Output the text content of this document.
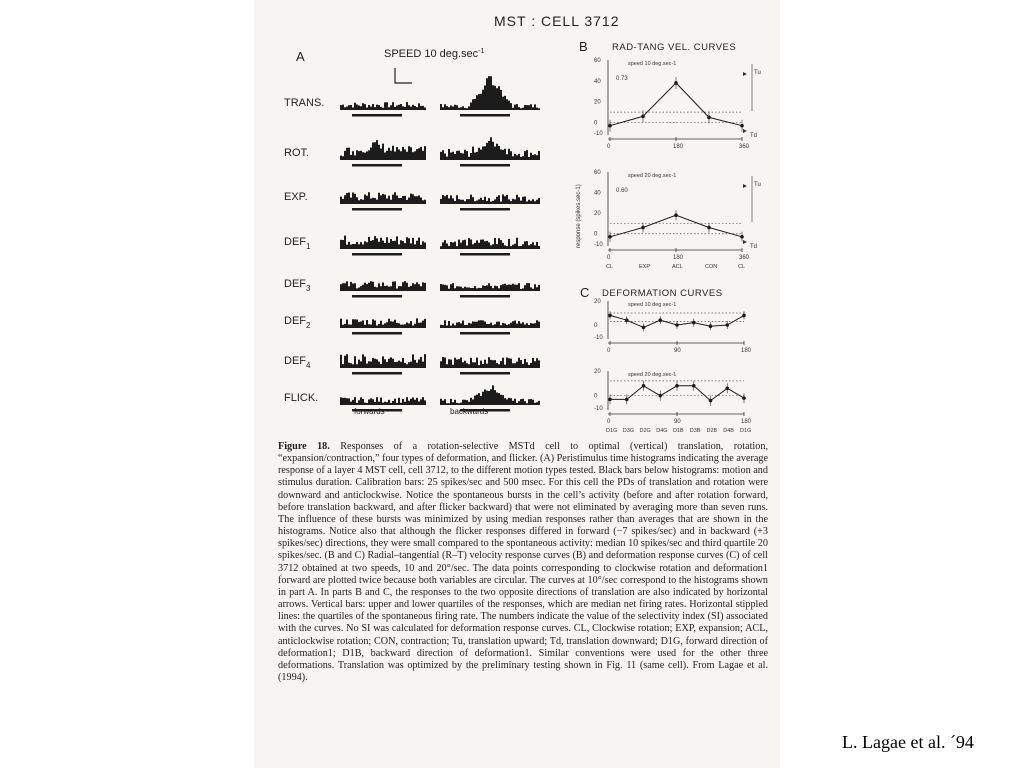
MST : CELL 3712
A	SPEED 10 $deg.\sec^{-1}$
TRANS.
ROT.
EXP.
$DEF_1$
$DEF_3$
$DEF_2$
$DEF_4$
FLICK.
forwards	backwards
B	RAD-TANG VEL. CURVES
response (spikes.sec-1)
60
40
20
0
-10
0	180	360
speed 10 deg.sec-1
0.73
Tu
Td
60
40
20
0
-10
0	180	360
speed 20 deg.sec-1
0.60
Tu
Td
CL	EXP	ACL	CON	CL
C DEFORMATION CURVES
20
0
-10
0	90	180
speed 10 deg.sec-1
20
0
-10
0	90	180
speed 20 deg.sec-1
D1G D3G D2G D4G D1B D3B D2B D4B D1G
Figure 18. Responses of a rotation-selective MSTd cell to optimal (vertical) translation, rotation, “expansion/contraction,” four types of deformation, and flicker. (A) Peristimulus time histograms indicating the average response of a layer 4 MST cell, cell 3712, to the different motion types tested. Black bars below histograms: motion and stimulus duration. Calibration bars: 25 spikes/sec and 500 msec. For this cell the PDs of translation and rotation were downward and anticlockwise. Notice the spontaneous bursts in the cell’s activity (before and after rotation forward, before translation backward, and after flicker backward) that were not eliminated by averaging more than seven runs. The influence of these bursts was minimized by using median responses rather than averages that are shown in the histograms. Notice also that although the flicker responses differed in forward (−7 spikes/sec) and in backward (+3 spikes/sec) directions, they were small compared to the spontaneous activity: median 10 spikes/sec and third quartile 20 spikes/sec. (B and C) Radial–tangential (R–T) velocity response curves (B) and deformation response curves (C) of cell 3712 obtained at two speeds, 10 and 20°/sec. The data points corresponding to clockwise rotation and deformation1 forward are plotted twice because both variables are circular. The curves at 10°/sec correspond to the histograms shown in part A. In parts B and C, the responses to the two opposite directions of translation are also indicated by horizontal arrows. Vertical bars: upper and lower quartiles of the responses, which are median net firing rates. Horizontal stippled lines: the quartiles of the spontaneous firing rate. The numbers indicate the value of the selectivity index (SI) associated with the curves. No SI was calculated for deformation response curves. CL, Clockwise rotation; EXP, expansion; ACL, anticlockwise rotation; CON, contraction; Tu, translation upward; Td, translation downward; D1G, forward direction of deformation1; D1B, backward direction of deformation1. Similar conventions were used for the other three deformations. Translation was optimized by the preliminary testing shown in Fig. 11 (same cell). From Lagae et al. (1994).
L. Lagae et al. ´94
